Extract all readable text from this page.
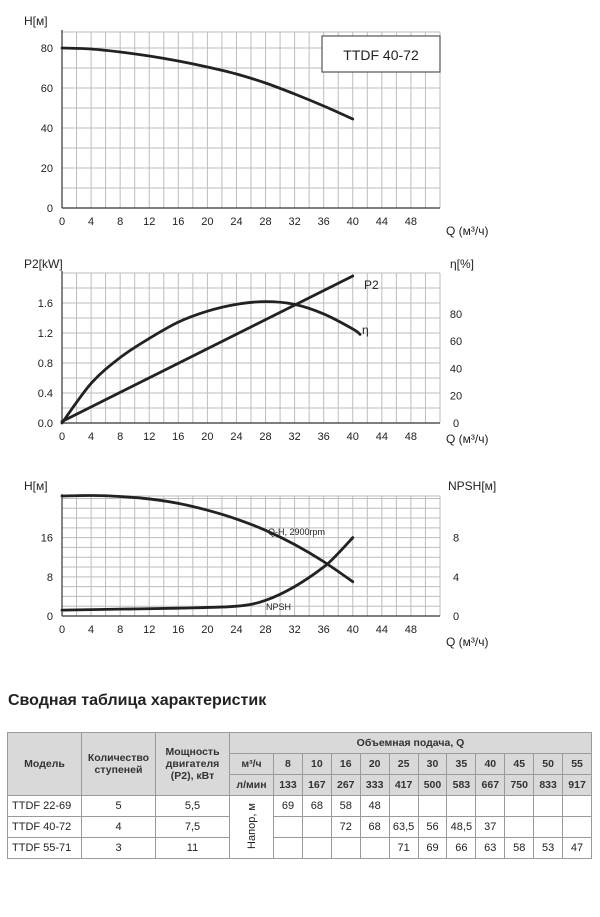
0 4 8 12 16 20 24 28 32 36 40 44 48
0
20
40
60
80
H[м]
Q (м³/ч)
TTDF 40-72
0 4 8 12 16 20 24 28 32 36 40 44 48
0.0
0.4
0.8
1.2
1.6
0
20
40
60
80
P2
η
P2[kW]	η[%]
Q (м³/ч)
0 4 8 12 16 20 24 28 32 36 40 44 48
0
8
16
0
4
8
Q-H, 2900rpm
NPSH
H[м]	NPSH[м]
Q (м³/ч)
Сводная таблица характеристик
Модель	Количество ступеней	Мощность двигателя (P2), кВт	Объемная подача, Q											
			м³/ч	8	10	16	20	25	30	35	40	45	50	55
			л/мин	133	167	267	333	417	500	583	667	750	833	917
TTDF 22-69	5	5,5	Напор, м	69	68	58	48							
TTDF 40-72	4	7,5				72	68	63,5	56	48,5	37			
TTDF 55-71	3	11						71	69	66	63	58	53	47
